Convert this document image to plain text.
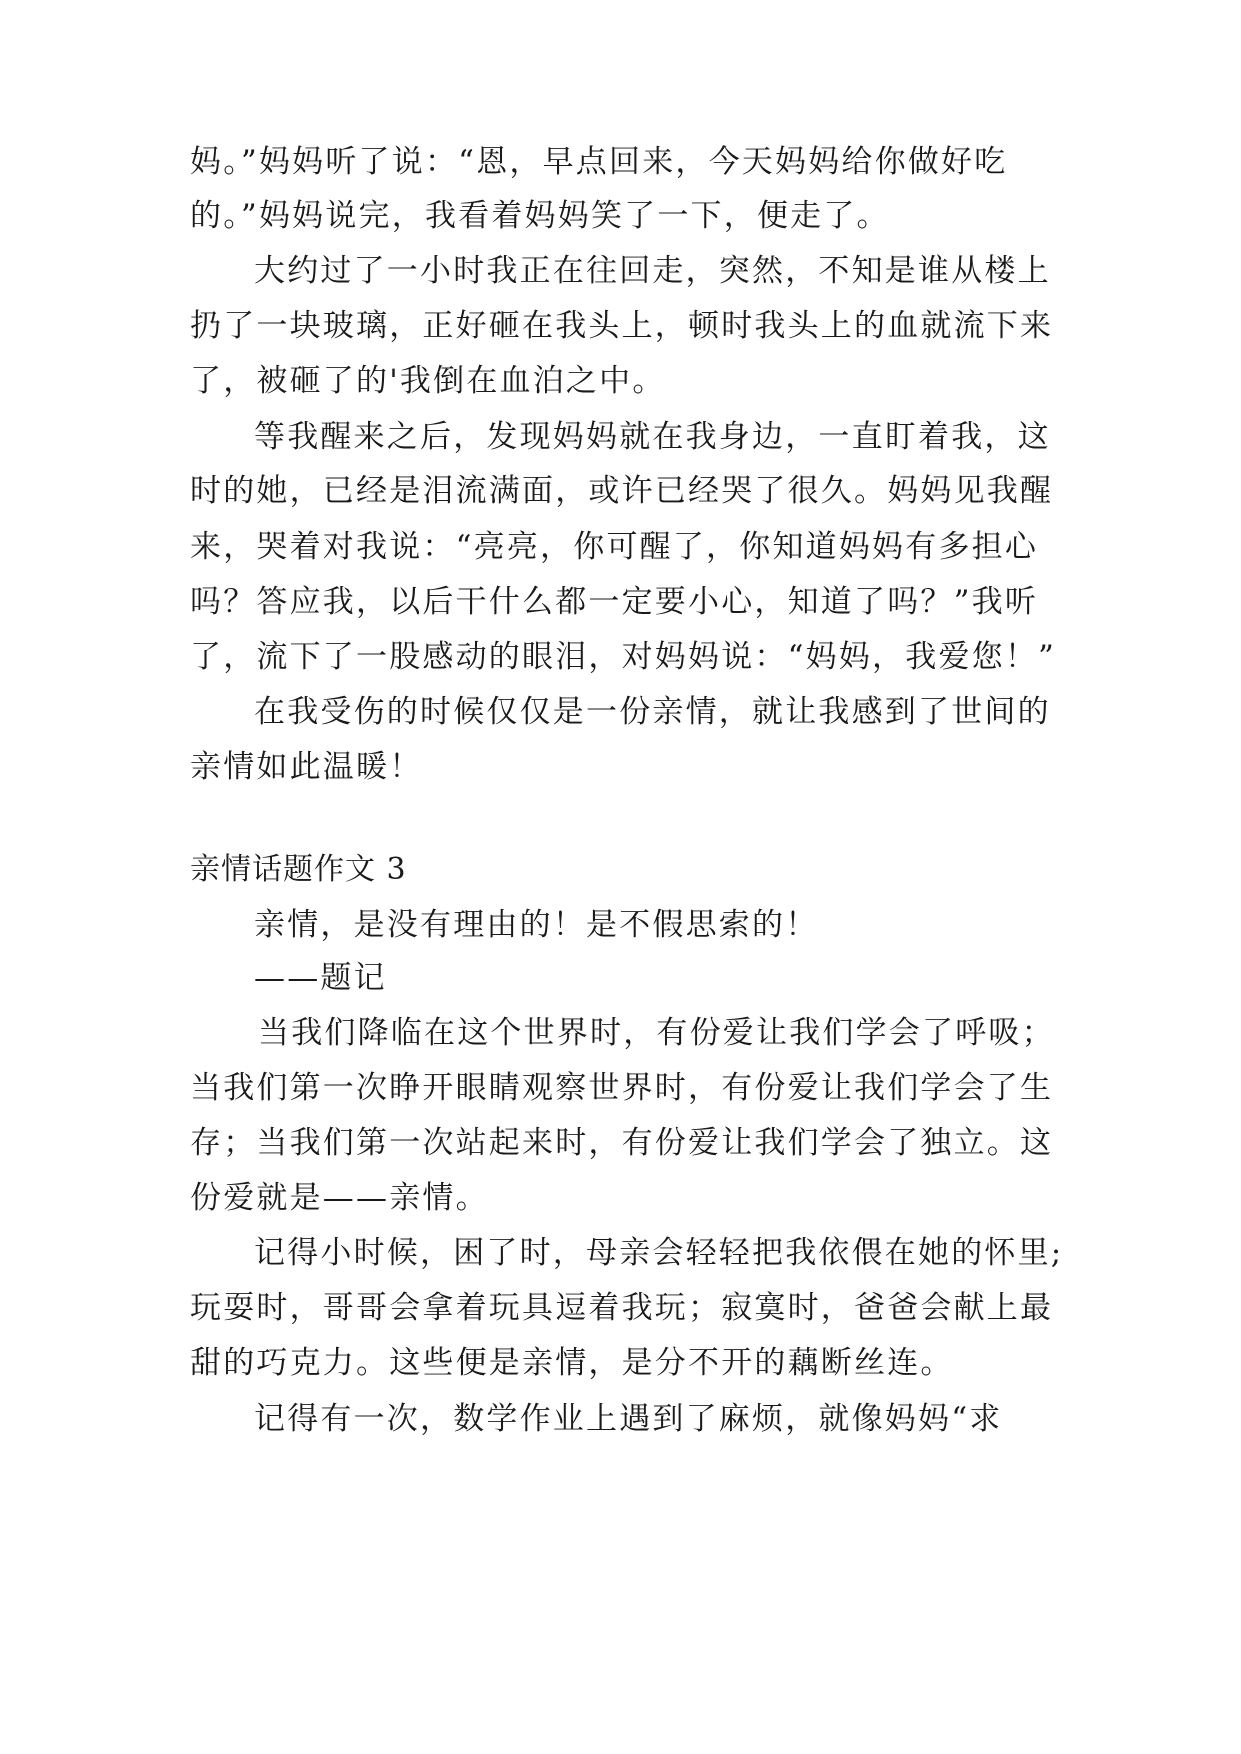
妈。”妈妈听了说：“恩，早点回来，今天妈妈给你做好吃
的。”妈妈说完，我看着妈妈笑了一下，便走了。
大约过了一小时我正在往回走，突然，不知是谁从楼上
扔了一块玻璃，正好砸在我头上，顿时我头上的血就流下来
了，被砸了的'我倒在血泊之中。
等我醒来之后，发现妈妈就在我身边，一直盯着我，这
时的她，已经是泪流满面，或许已经哭了很久。妈妈见我醒
来，哭着对我说：“亮亮，你可醒了，你知道妈妈有多担心
吗？答应我，以后干什么都一定要小心，知道了吗？”我听
了，流下了一股感动的眼泪，对妈妈说：“妈妈，我爱您！”
在我受伤的时候仅仅是一份亲情，就让我感到了世间的
亲情如此温暖！
亲情话题作文 3
亲情，是没有理由的！是不假思索的！
——题记
当我们降临在这个世界时，有份爱让我们学会了呼吸；
当我们第一次睁开眼睛观察世界时，有份爱让我们学会了生
存；当我们第一次站起来时，有份爱让我们学会了独立。这
份爱就是——亲情。
记得小时候，困了时，母亲会轻轻把我依偎在她的怀里;
玩耍时，哥哥会拿着玩具逗着我玩；寂寞时，爸爸会献上最
甜的巧克力。这些便是亲情，是分不开的藕断丝连。
记得有一次，数学作业上遇到了麻烦，就像妈妈“求
